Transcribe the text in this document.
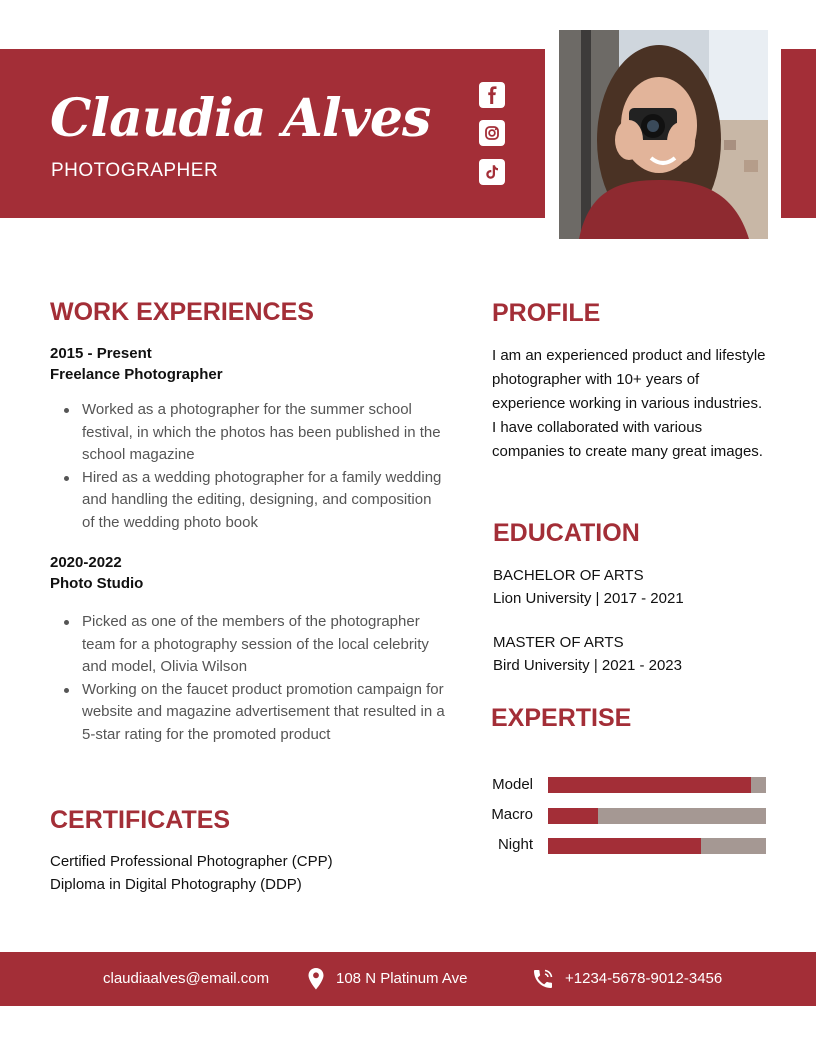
Claudia Alves
PHOTOGRAPHER
WORK EXPERIENCES
2015 - Present
Freelance Photographer
Worked as a photographer for the summer school festival, in which the photos has been published in the school magazine
Hired as a wedding photographer for a family wedding and handling the editing, designing, and composition of the wedding photo book
2020-2022
Photo Studio
Picked as one of the members of the photographer team for a photography session of the local celebrity and model, Olivia Wilson
Working on the faucet product promotion campaign for website and magazine advertisement that resulted in a 5-star rating for the promoted product
CERTIFICATES
Certified Professional Photographer (CPP)
Diploma in Digital Photography (DDP)
PROFILE
I am an experienced product and lifestyle photographer with 10+ years of experience working in various industries. I have collaborated with various companies to create many great images.
EDUCATION
BACHELOR OF ARTS
Lion University | 2017 - 2021
MASTER OF ARTS
Bird University | 2021 - 2023
EXPERTISE
Model
Macro
Night
claudiaalves@email.com	108 N Platinum Ave	+1234-5678-9012-3456
